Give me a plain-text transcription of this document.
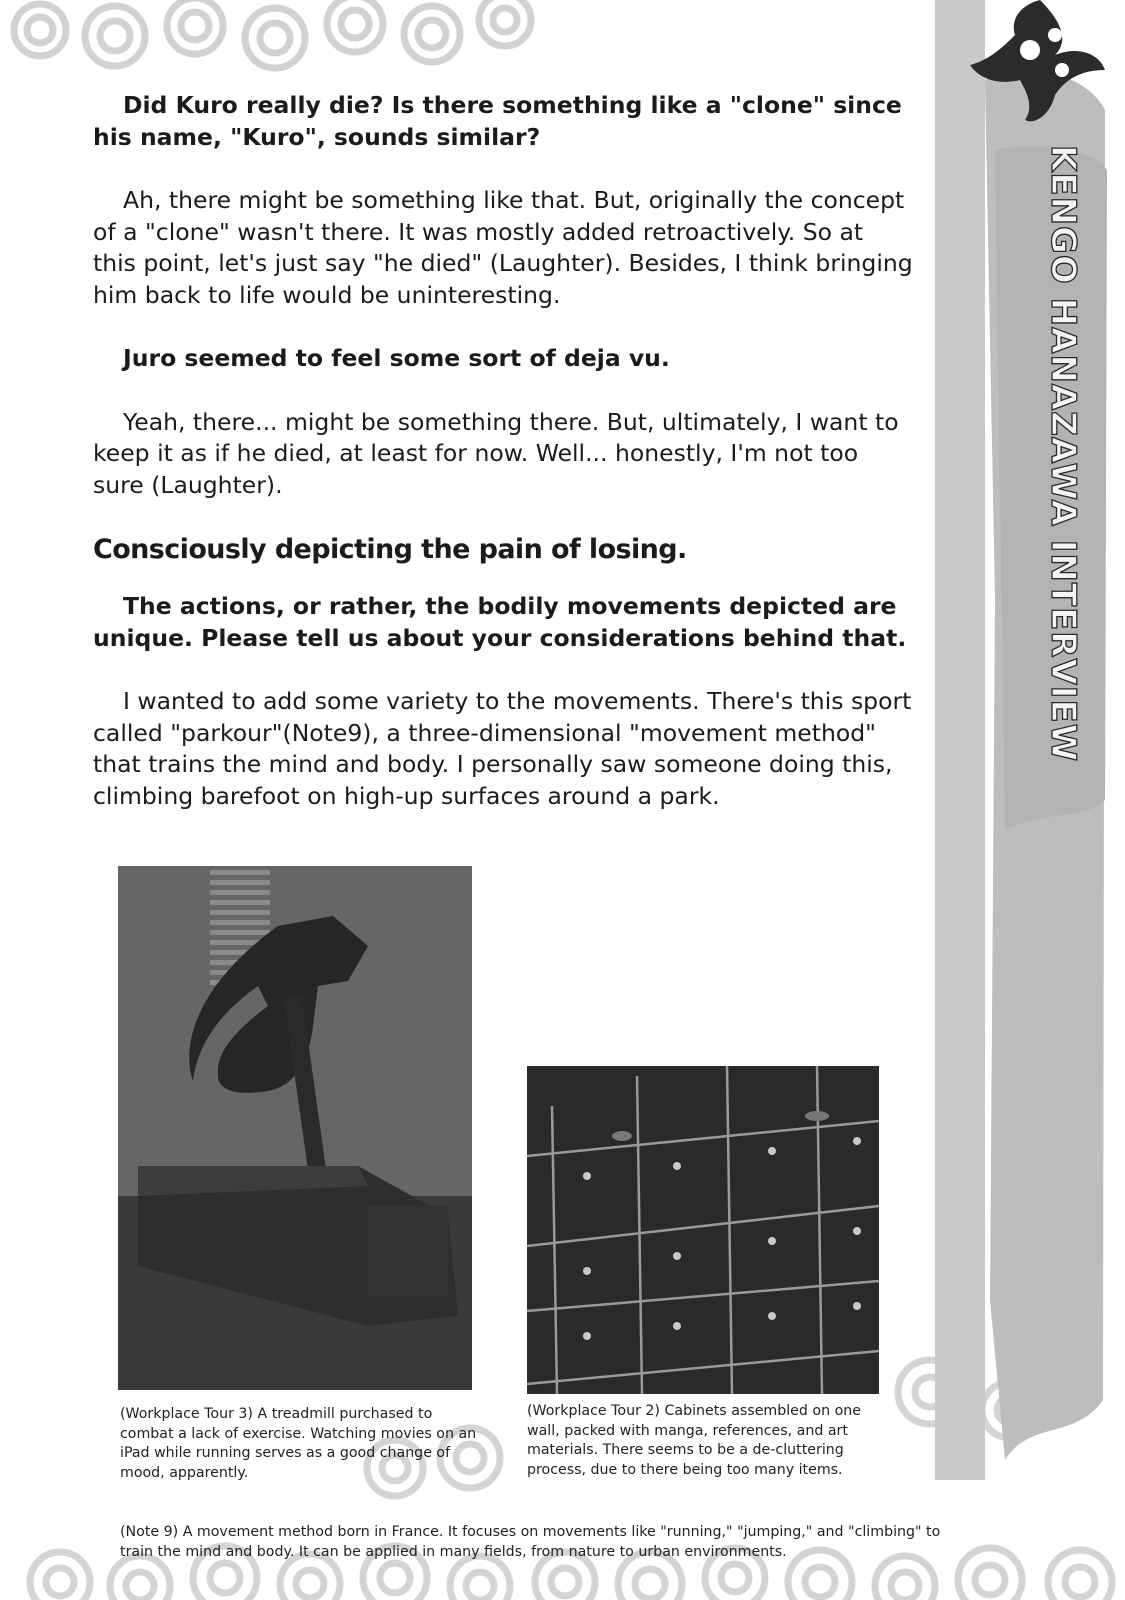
KENGO HANAZAWA INTERVIEW

Did Kuro really die? Is there something like a "clone" since his name, "Kuro", sounds similar?

Ah, there might be something like that. But, originally the concept of a "clone" wasn't there. It was mostly added retroactively. So at this point, let's just say "he died" (Laughter). Besides, I think bringing him back to life would be uninteresting.

Juro seemed to feel some sort of deja vu.

Yeah, there... might be something there. But, ultimately, I want to keep it as if he died, at least for now. Well... honestly, I'm not too sure (Laughter).

Consciously depicting the pain of losing.

The actions, or rather, the bodily movements depicted are unique. Please tell us about your considerations behind that.

I wanted to add some variety to the movements. There's this sport called "parkour"(Note9), a three-dimensional "movement method" that trains the mind and body. I personally saw someone doing this, climbing barefoot on high-up surfaces around a park.

(Workplace Tour 3) A treadmill purchased to combat a lack of exercise. Watching movies on an iPad while running serves as a good change of mood, apparently.
(Workplace Tour 2) Cabinets assembled on one wall, packed with manga, references, and art materials. There seems to be a de-cluttering process, due to there being too many items.
(Note 9) A movement method born in France. It focuses on movements like "running," "jumping," and "climbing" to train the mind and body. It can be applied in many fields, from nature to urban environments.
